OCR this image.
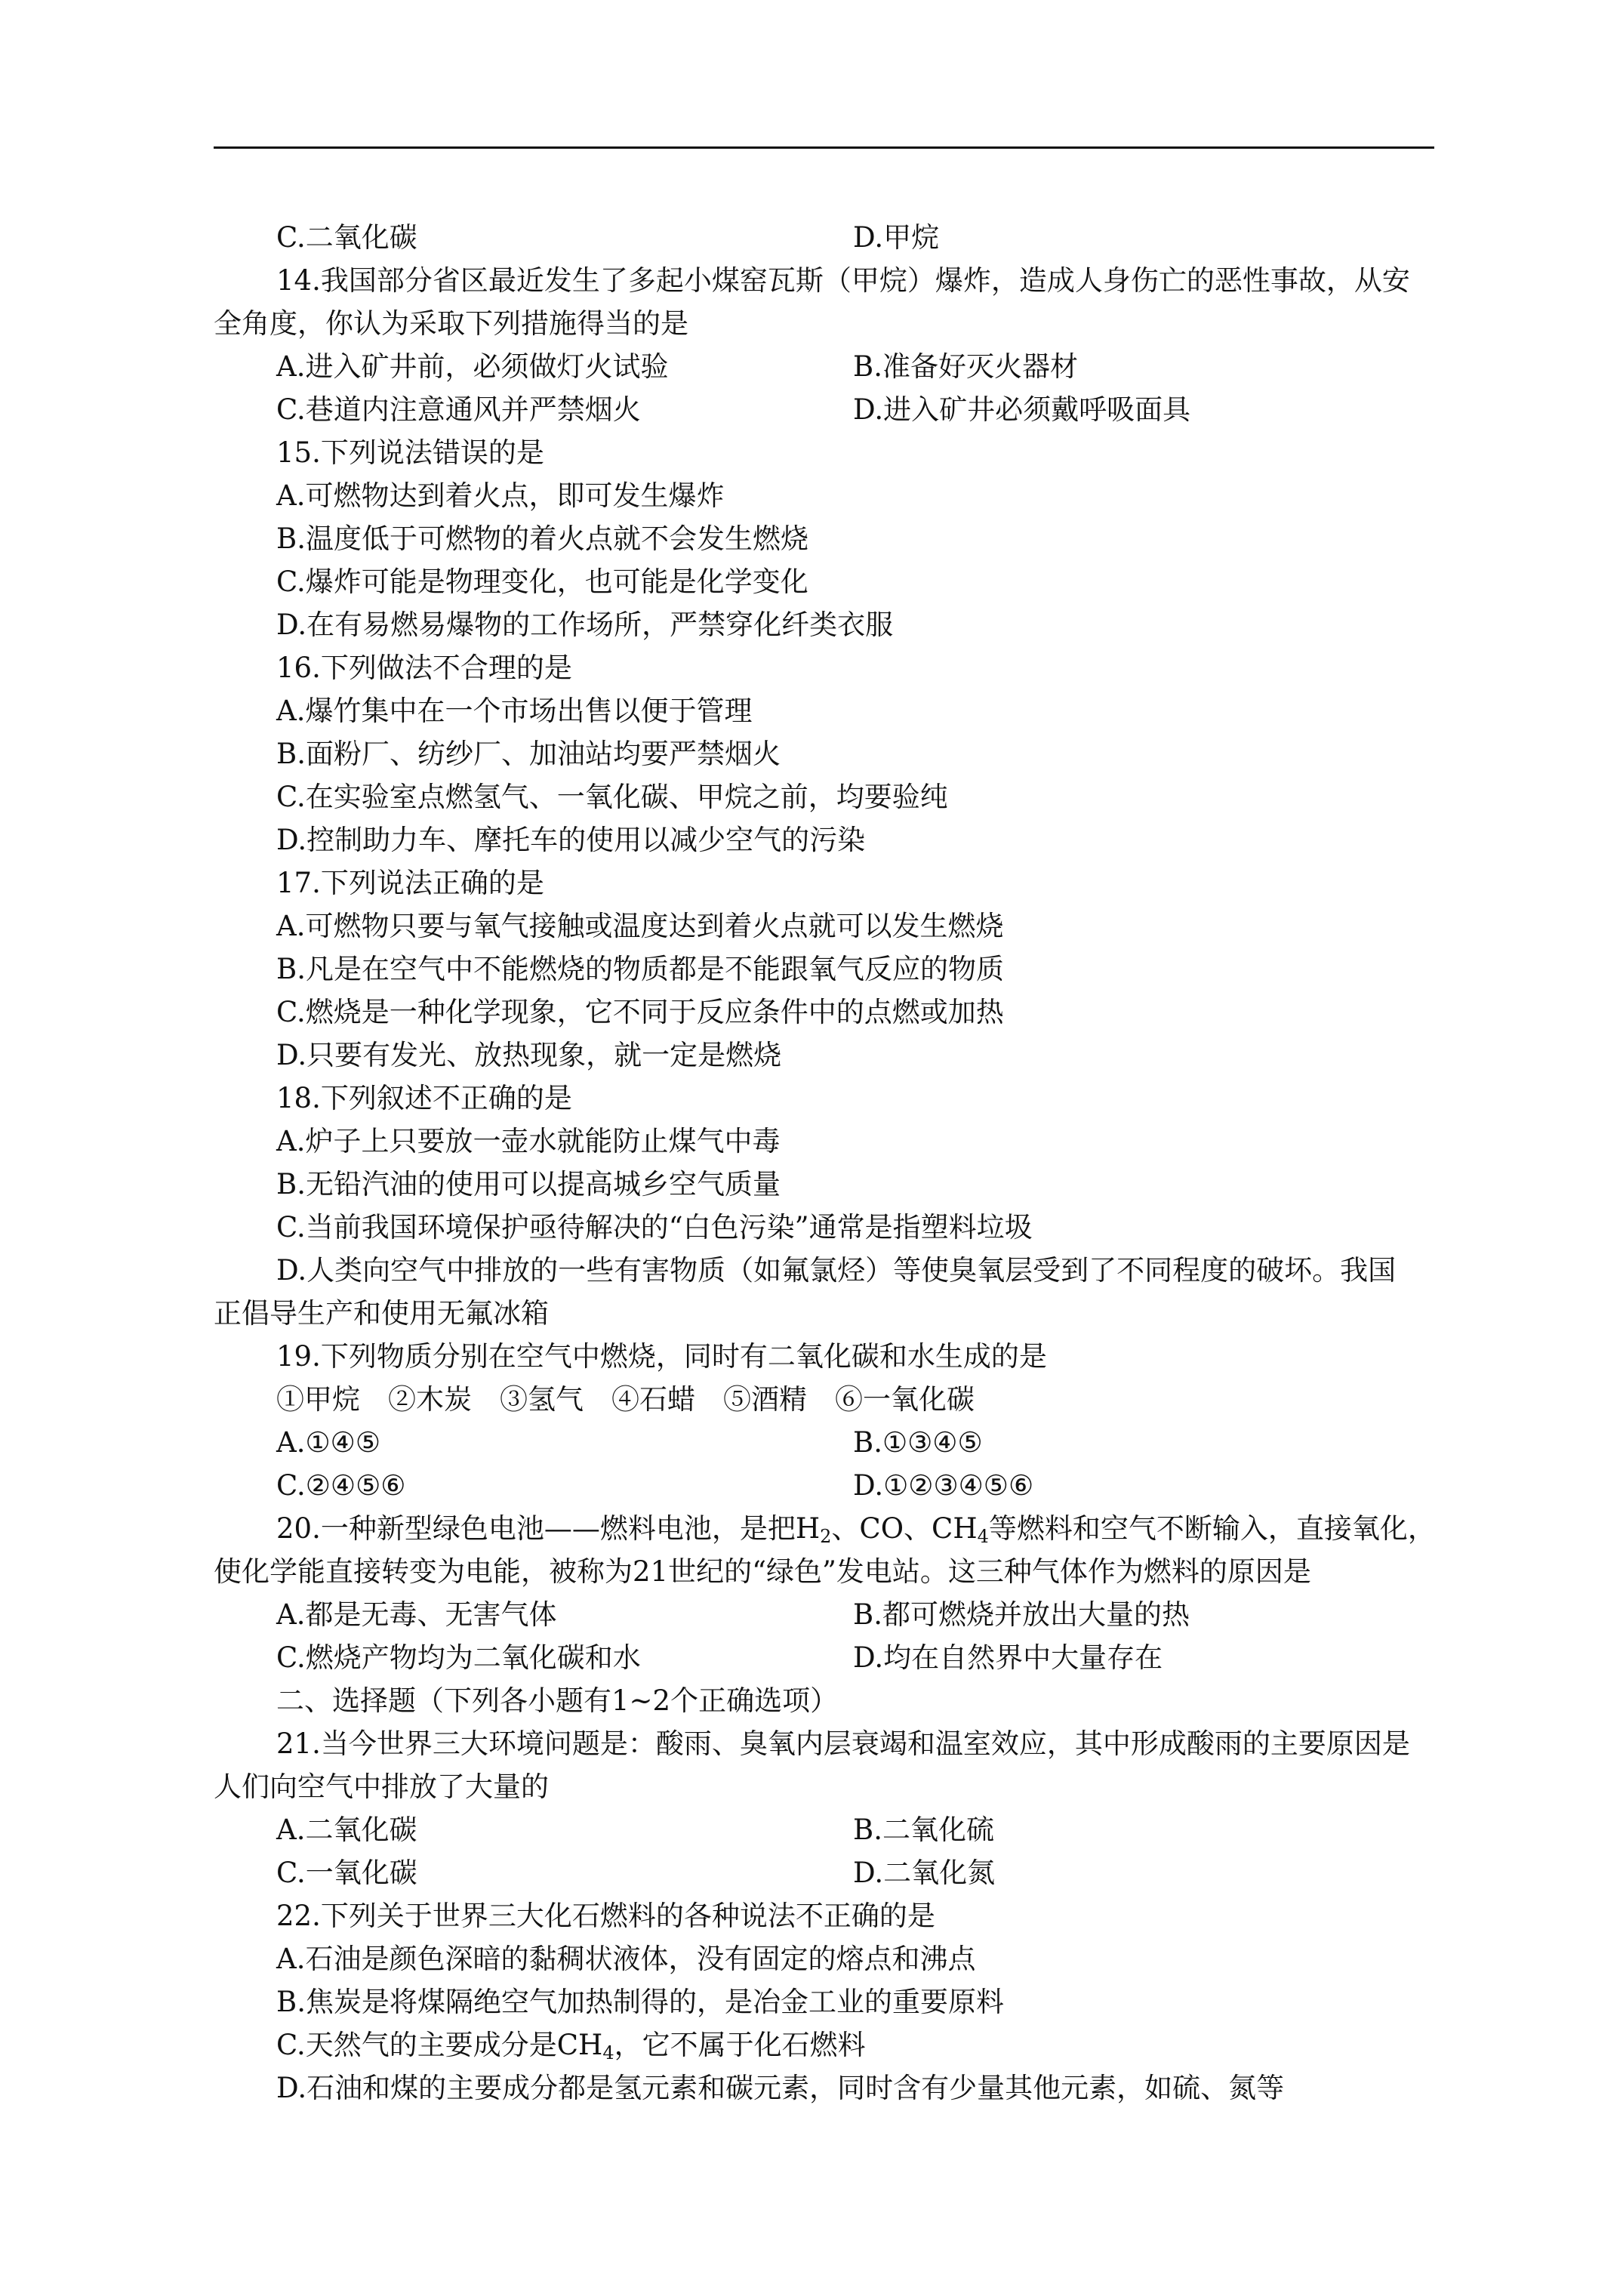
C.二氧化碳	D.甲烷
14.我国部分省区最近发生了多起小煤窑瓦斯（甲烷）爆炸，造成人身伤亡的恶性事故，从安
全角度，你认为采取下列措施得当的是
A.进入矿井前，必须做灯火试验	B.准备好灭火器材
C.巷道内注意通风并严禁烟火	D.进入矿井必须戴呼吸面具
15.下列说法错误的是
A.可燃物达到着火点，即可发生爆炸
B.温度低于可燃物的着火点就不会发生燃烧
C.爆炸可能是物理变化，也可能是化学变化
D.在有易燃易爆物的工作场所，严禁穿化纤类衣服
16.下列做法不合理的是
A.爆竹集中在一个市场出售以便于管理
B.面粉厂、纺纱厂、加油站均要严禁烟火
C.在实验室点燃氢气、一氧化碳、甲烷之前，均要验纯
D.控制助力车、摩托车的使用以减少空气的污染
17.下列说法正确的是
A.可燃物只要与氧气接触或温度达到着火点就可以发生燃烧
B.凡是在空气中不能燃烧的物质都是不能跟氧气反应的物质
C.燃烧是一种化学现象，它不同于反应条件中的点燃或加热
D.只要有发光、放热现象，就一定是燃烧
18.下列叙述不正确的是
A.炉子上只要放一壶水就能防止煤气中毒
B.无铅汽油的使用可以提高城乡空气质量
C.当前我国环境保护亟待解决的“白色污染”通常是指塑料垃圾
D.人类向空气中排放的一些有害物质（如氟氯烃）等使臭氧层受到了不同程度的破坏。我国
正倡导生产和使用无氟冰箱
19.下列物质分别在空气中燃烧，同时有二氧化碳和水生成的是
①甲烷　②木炭　③氢气　④石蜡　⑤酒精　⑥一氧化碳
A.①④⑤	B.①③④⑤
C.②④⑤⑥	D.①②③④⑤⑥
使化学能直接转变为电能，被称为21世纪的“绿色”发电站。这三种气体作为燃料的原因是
A.都是无毒、无害气体	B.都可燃烧并放出大量的热
C.燃烧产物均为二氧化碳和水	D.均在自然界中大量存在
二、选择题（下列各小题有1~2个正确选项）
21.当今世界三大环境问题是：酸雨、臭氧内层衰竭和温室效应，其中形成酸雨的主要原因是
人们向空气中排放了大量的
A.二氧化碳	B.二氧化硫
C.一氧化碳	D.二氧化氮
22.下列关于世界三大化石燃料的各种说法不正确的是
A.石油是颜色深暗的黏稠状液体，没有固定的熔点和沸点
B.焦炭是将煤隔绝空气加热制得的，是冶金工业的重要原料
D.石油和煤的主要成分都是氢元素和碳元素，同时含有少量其他元素，如硫、氮等
20.一种新型绿色电池——燃料电池，是把$H_2$、CO、$CH_4$等燃料和空气不断输入，直接氧化，
C.天然气的主要成分是$CH_4$，它不属于化石燃料
